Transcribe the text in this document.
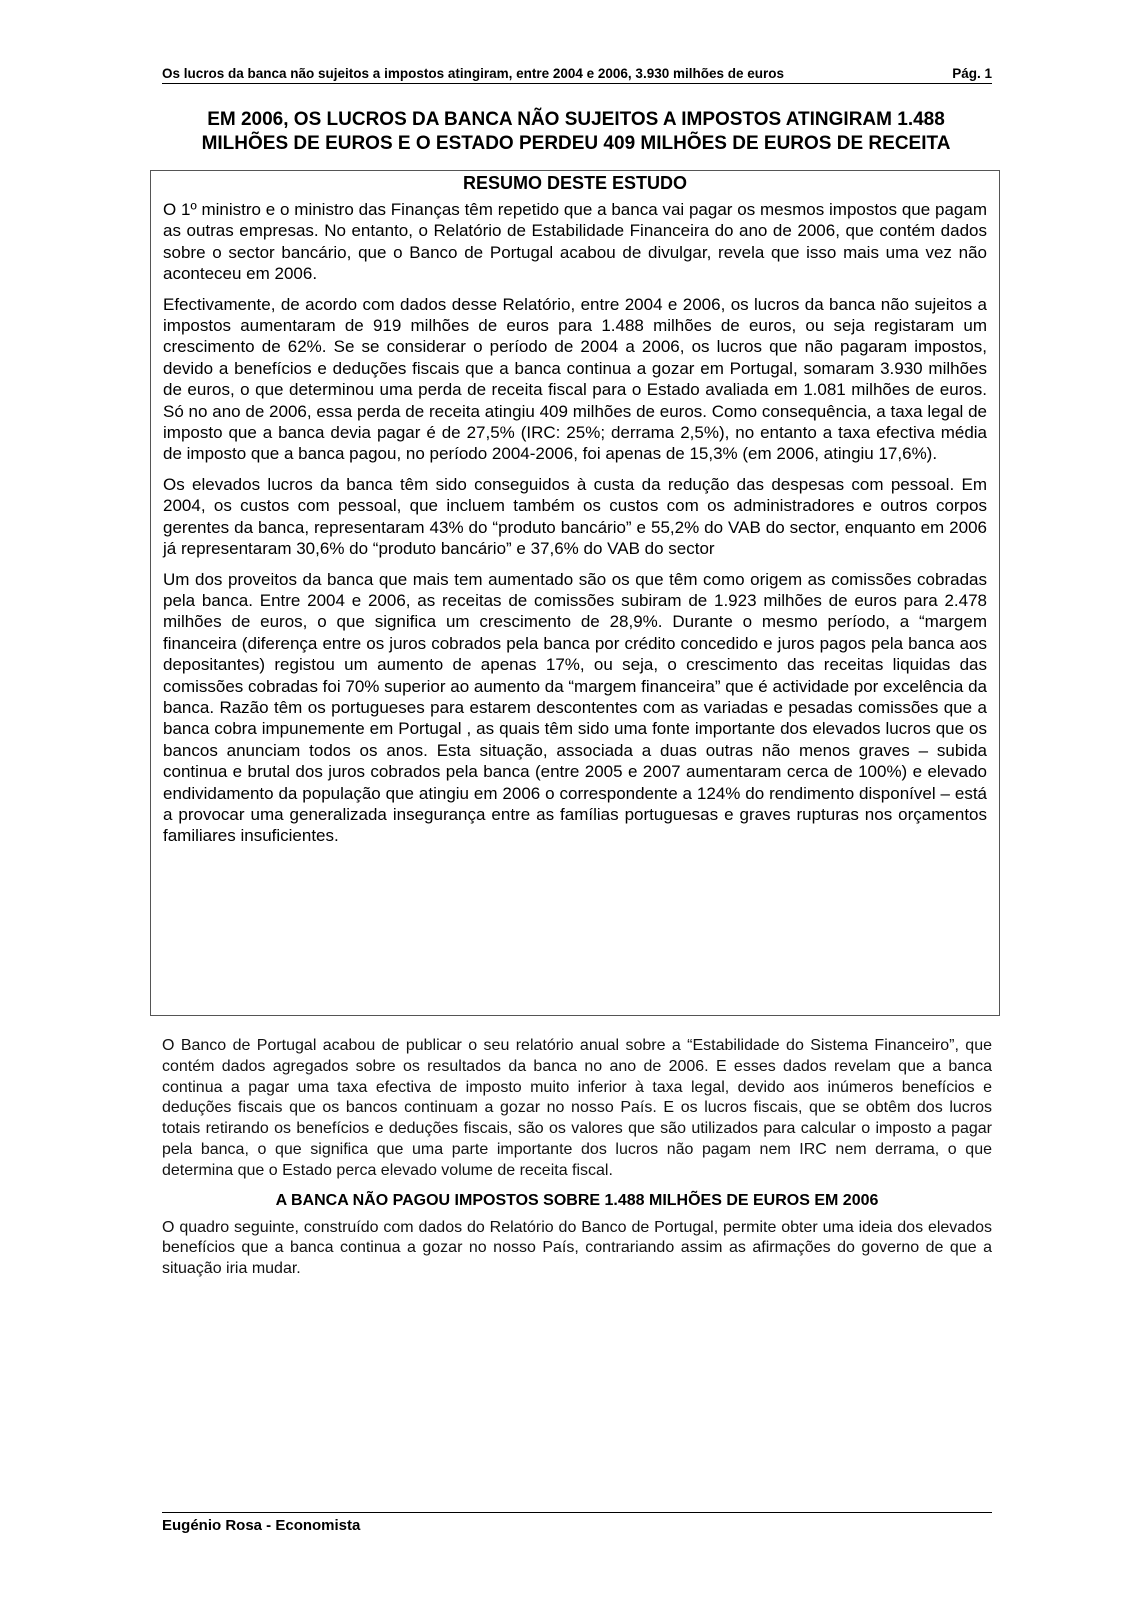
Os lucros da banca não sujeitos a impostos atingiram, entre 2004 e 2006, 3.930 milhões de euros	Pág. 1
EM 2006, OS LUCROS DA BANCA NÃO SUJEITOS A IMPOSTOS ATINGIRAM 1.488
MILHÕES DE EUROS E O ESTADO PERDEU 409 MILHÕES DE EUROS DE RECEITA
RESUMO DESTE ESTUDO

O 1º ministro e o ministro das Finanças têm repetido que a banca vai pagar os mesmos impostos que pagam as outras empresas. No entanto, o Relatório de Estabilidade Financeira do ano de 2006, que contém dados sobre o sector bancário, que o Banco de Portugal acabou de divulgar, revela que isso mais uma vez não aconteceu em 2006.

Efectivamente, de acordo com dados desse Relatório, entre 2004 e 2006, os lucros da banca não sujeitos a impostos aumentaram de 919 milhões de euros para 1.488 milhões de euros, ou seja registaram um crescimento de 62%. Se se considerar o período de 2004 a 2006, os lucros que não pagaram impostos, devido a benefícios e deduções fiscais que a banca continua a gozar em Portugal, somaram 3.930 milhões de euros, o que determinou uma perda de receita fiscal para o Estado avaliada em 1.081 milhões de euros. Só no ano de 2006, essa perda de receita atingiu 409 milhões de euros. Como consequência, a taxa legal de imposto que a banca devia pagar é de 27,5% (IRC: 25%; derrama 2,5%), no entanto a taxa efectiva média de imposto que a banca pagou, no período 2004-2006, foi apenas de 15,3% (em 2006, atingiu 17,6%).

Os elevados lucros da banca têm sido conseguidos à custa da redução das despesas com pessoal. Em 2004, os custos com pessoal, que incluem também os custos com os administradores e outros corpos gerentes da banca, representaram 43% do “produto bancário” e 55,2% do VAB do sector, enquanto em 2006 já representaram 30,6% do “produto bancário” e 37,6% do VAB do sector

Um dos proveitos da banca que mais tem aumentado são os que têm como origem as comissões cobradas pela banca. Entre 2004 e 2006, as receitas de comissões subiram de 1.923 milhões de euros para 2.478 milhões de euros, o que significa um crescimento de 28,9%. Durante o mesmo período, a “margem financeira (diferença entre os juros cobrados pela banca por crédito concedido e juros pagos pela banca aos depositantes) registou um aumento de apenas 17%, ou seja, o crescimento das receitas liquidas das comissões cobradas foi 70% superior ao aumento da “margem financeira” que é actividade por excelência da banca. Razão têm os portugueses para estarem descontentes com as variadas e pesadas comissões que a banca cobra impunemente em Portugal , as quais têm sido uma fonte importante dos elevados lucros que os bancos anunciam todos os anos. Esta situação, associada a duas outras não menos graves – subida continua e brutal dos juros cobrados pela banca (entre 2005 e 2007 aumentaram cerca de 100%) e elevado endividamento da população que atingiu em 2006 o correspondente a 124% do rendimento disponível – está a provocar uma generalizada insegurança entre as famílias portuguesas e graves rupturas nos orçamentos familiares insuficientes.

O Banco de Portugal acabou de publicar o seu relatório anual sobre a “Estabilidade do Sistema Financeiro”, que contém dados agregados sobre os resultados da banca no ano de 2006. E esses dados revelam que a banca continua a pagar uma taxa efectiva de imposto muito inferior à taxa legal, devido aos inúmeros benefícios e deduções fiscais que os bancos continuam a gozar no nosso País. E os lucros fiscais, que se obtêm dos lucros totais retirando os benefícios e deduções fiscais, são os valores que são utilizados para calcular o imposto a pagar pela banca, o que significa que uma parte importante dos lucros não pagam nem IRC nem derrama, o que determina que o Estado perca elevado volume de receita fiscal.

A BANCA NÃO PAGOU IMPOSTOS SOBRE 1.488 MILHÕES DE EUROS EM 2006

O quadro seguinte, construído com dados do Relatório do Banco de Portugal, permite obter uma ideia dos elevados benefícios que a banca continua a gozar no nosso País, contrariando assim as afirmações do governo de que a situação iria mudar.

Eugénio Rosa - Economista
